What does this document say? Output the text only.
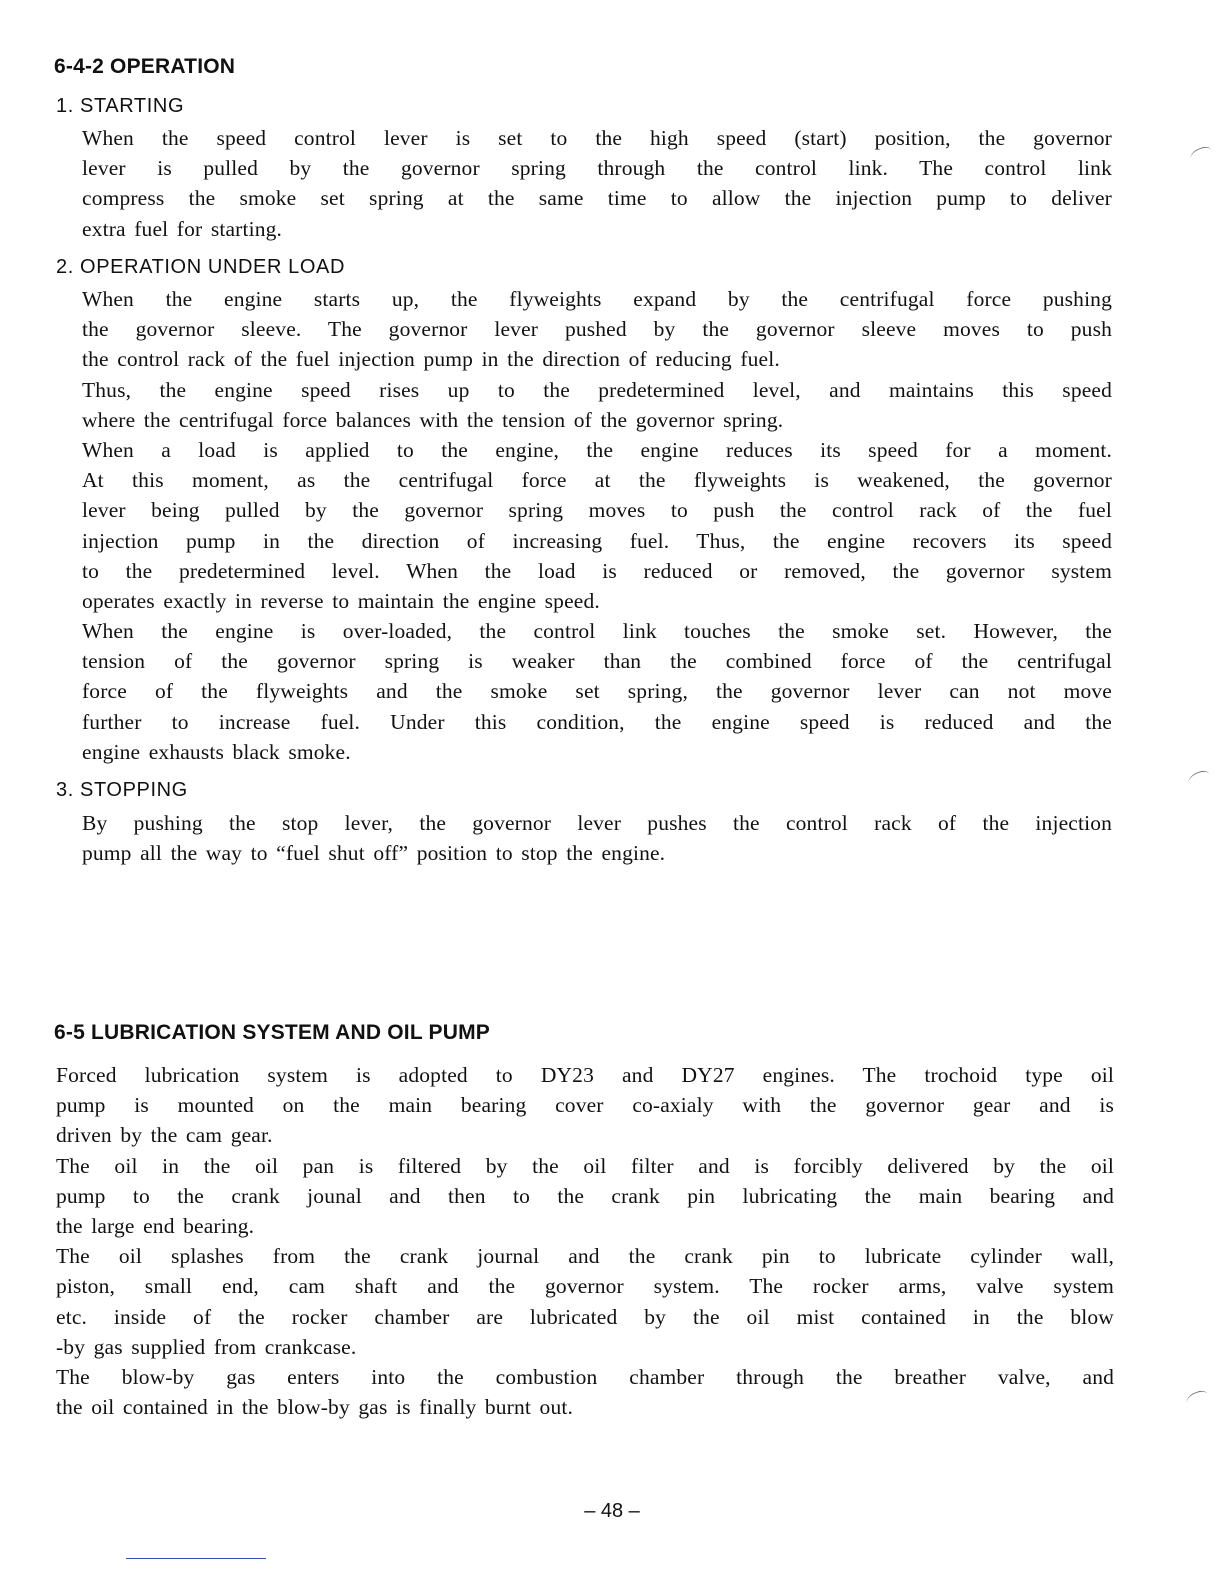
6-4-2 OPERATION
1. STARTING
When the speed control lever is set to the high speed (start) position, the governor
lever is pulled by the governor spring through the control link. The control link
compress the smoke set spring at the same time to allow the injection pump to deliver
extra fuel for starting.
2. OPERATION UNDER LOAD
When the engine starts up, the flyweights expand by the centrifugal force pushing
the governor sleeve. The governor lever pushed by the governor sleeve moves to push
the control rack of the fuel injection pump in the direction of reducing fuel.
Thus, the engine speed rises up to the predetermined level, and maintains this speed
where the centrifugal force balances with the tension of the governor spring.
When a load is applied to the engine, the engine reduces its speed for a moment.
At this moment, as the centrifugal force at the flyweights is weakened, the governor
lever being pulled by the governor spring moves to push the control rack of the fuel
injection pump in the direction of increasing fuel. Thus, the engine recovers its speed
to the predetermined level. When the load is reduced or removed, the governor system
operates exactly in reverse to maintain the engine speed.
When the engine is over-loaded, the control link touches the smoke set. However, the
tension of the governor spring is weaker than the combined force of the centrifugal
force of the flyweights and the smoke set spring, the governor lever can not move
further to increase fuel. Under this condition, the engine speed is reduced and the
engine exhausts black smoke.
3. STOPPING
By pushing the stop lever, the governor lever pushes the control rack of the injection
pump all the way to “fuel shut off” position to stop the engine.
6-5 LUBRICATION SYSTEM AND OIL PUMP
Forced lubrication system is adopted to DY23 and DY27 engines. The trochoid type oil
pump is mounted on the main bearing cover co-axialy with the governor gear and is
driven by the cam gear.
The oil in the oil pan is filtered by the oil filter and is forcibly delivered by the oil
pump to the crank jounal and then to the crank pin lubricating the main bearing and
the large end bearing.
The oil splashes from the crank journal and the crank pin to lubricate cylinder wall,
piston, small end, cam shaft and the governor system. The rocker arms, valve system
etc. inside of the rocker chamber are lubricated by the oil mist contained in the blow
-by gas supplied from crankcase.
The blow-by gas enters into the combustion chamber through the breather valve, and
the oil contained in the blow-by gas is finally burnt out.
– 48 –
